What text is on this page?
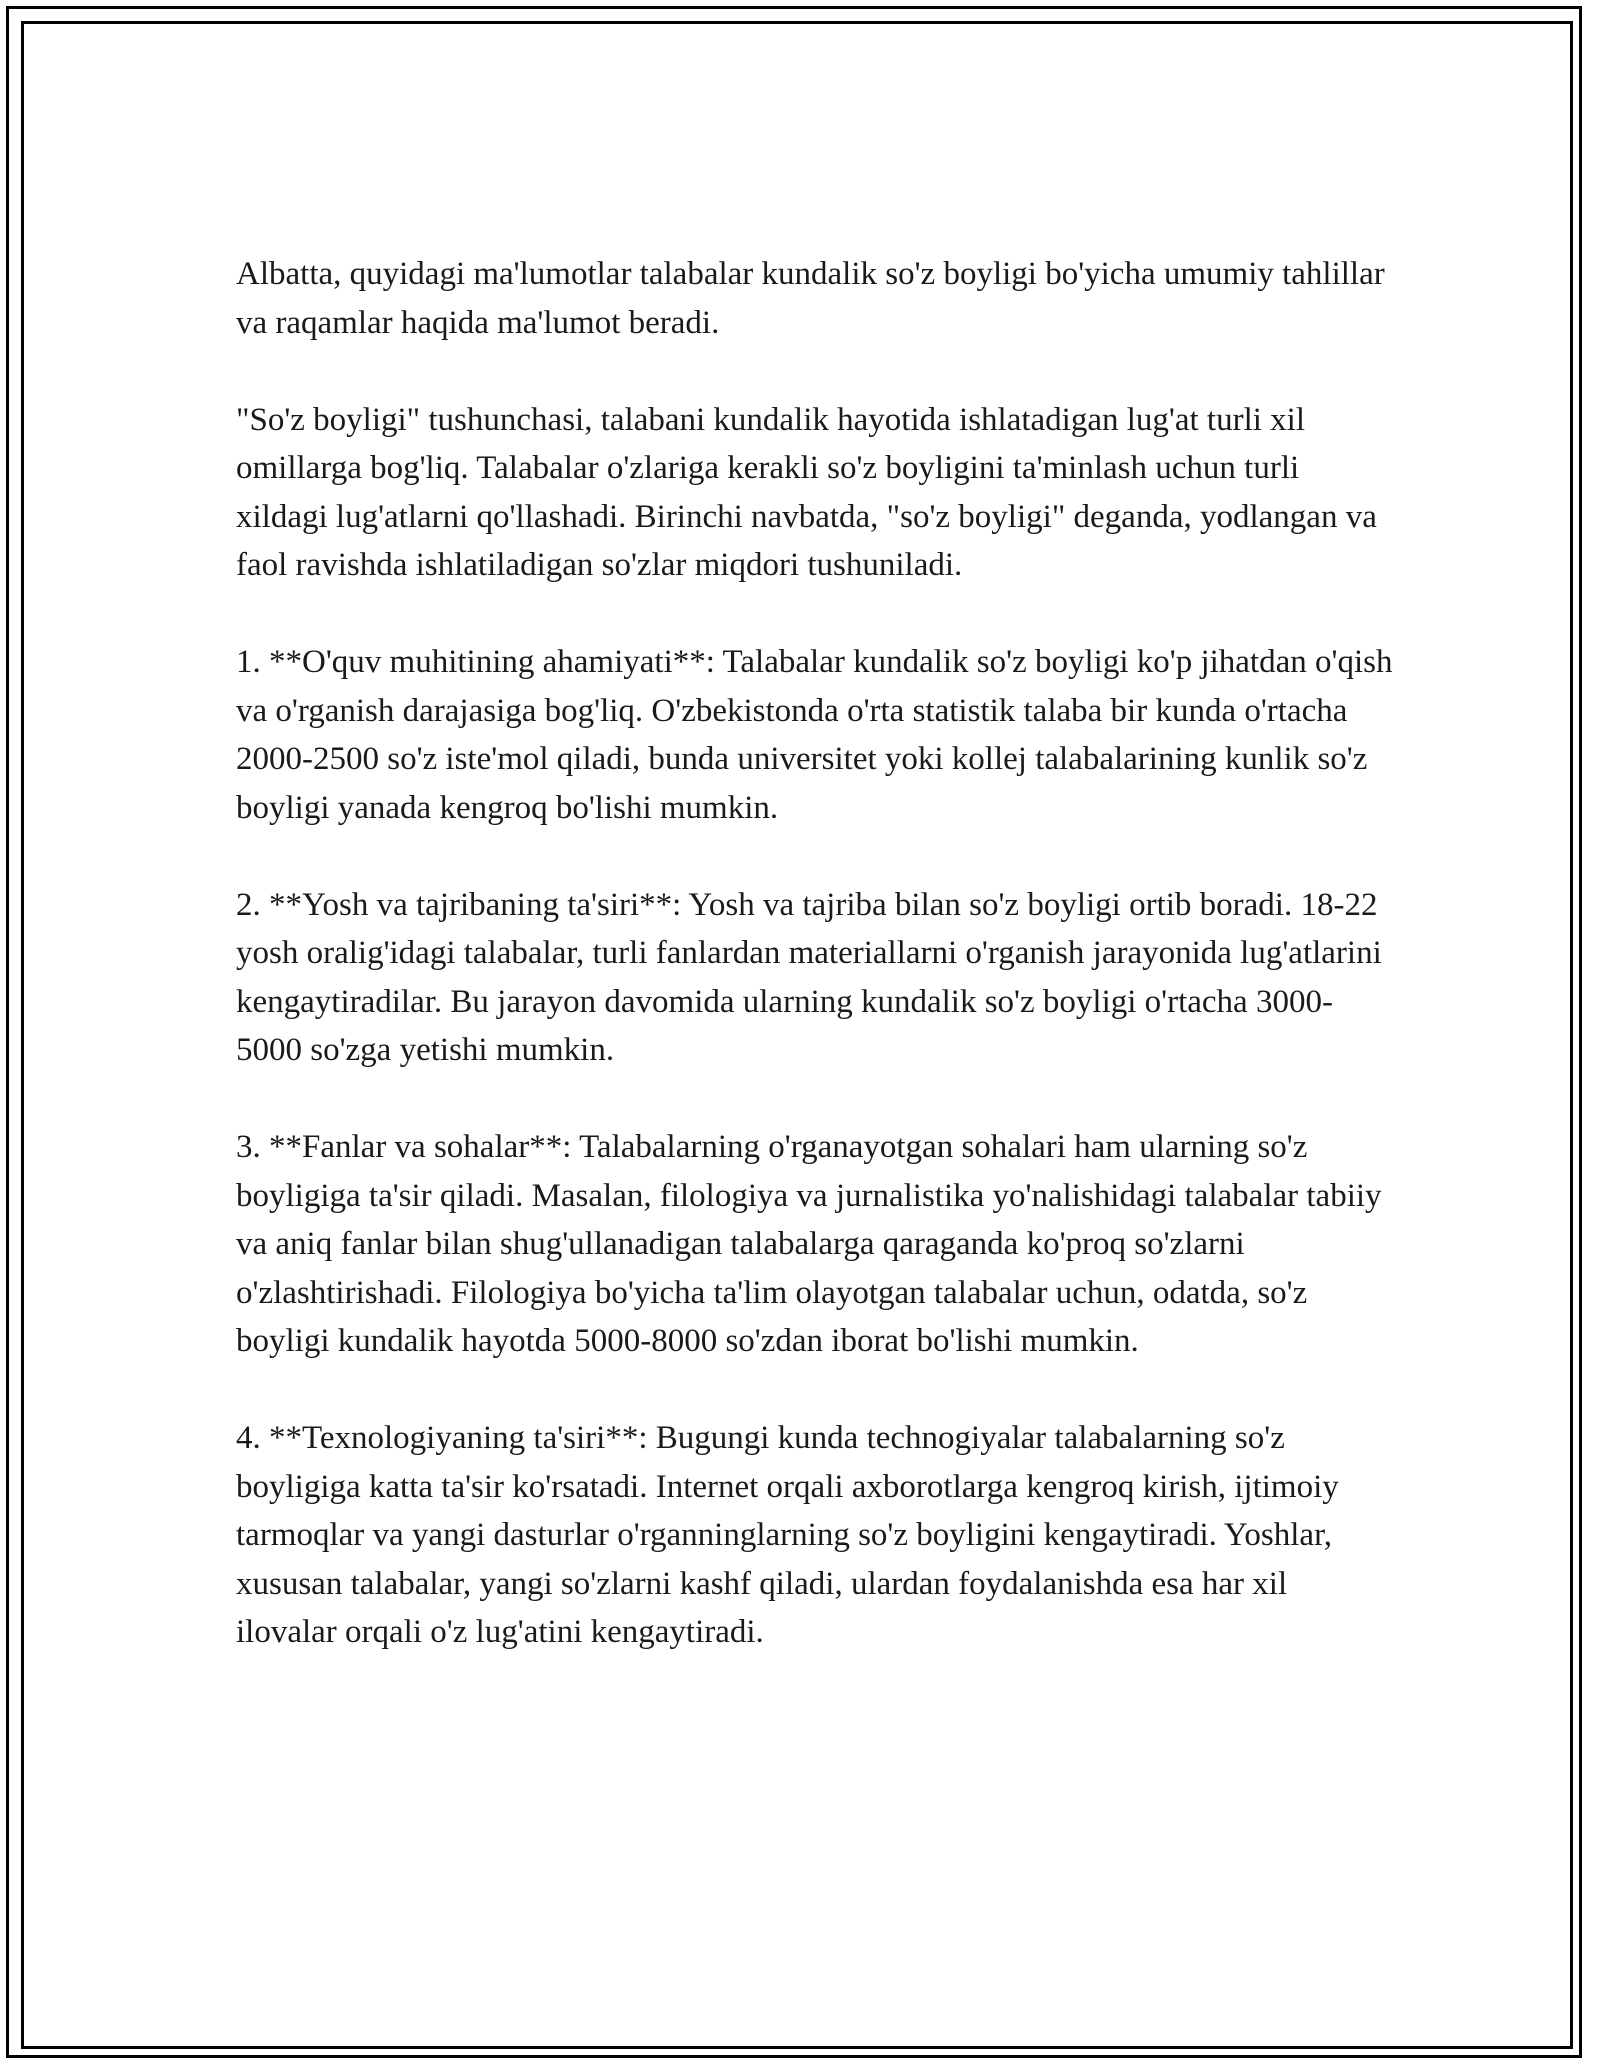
Albatta, quyidagi ma'lumotlar talabalar kundalik so'z boyligi bo'yicha umumiy tahlillar va raqamlar haqida ma'lumot beradi.

"So'z boyligi" tushunchasi, talabani kundalik hayotida ishlatadigan lug'at turli xil omillarga bog'liq. Talabalar o'zlariga kerakli so'z boyligini ta'minlash uchun turli xildagi lug'atlarni qo'llashadi. Birinchi navbatda, "so'z boyligi" deganda, yodlangan va faol ravishda ishlatiladigan so'zlar miqdori tushuniladi.

1. **O'quv muhitining ahamiyati**: Talabalar kundalik so'z boyligi ko'p jihatdan o'qish va o'rganish darajasiga bog'liq. O'zbekistonda o'rta statistik talaba bir kunda o'rtacha 2000-2500 so'z iste'mol qiladi, bunda universitet yoki kollej talabalarining kunlik so'z boyligi yanada kengroq bo'lishi mumkin.

2. **Yosh va tajribaning ta'siri**: Yosh va tajriba bilan so'z boyligi ortib boradi. 18-22 yosh oralig'idagi talabalar, turli fanlardan materiallarni o'rganish jarayonida lug'atlarini kengaytiradilar. Bu jarayon davomida ularning kundalik so'z boyligi o'rtacha 3000-5000 so'zga yetishi mumkin.

3. **Fanlar va sohalar**: Talabalarning o'rganayotgan sohalari ham ularning so'z boyligiga ta'sir qiladi. Masalan, filologiya va jurnalistika yo'nalishidagi talabalar tabiiy va aniq fanlar bilan shug'ullanadigan talabalarga qaraganda ko'proq so'zlarni o'zlashtirishadi. Filologiya bo'yicha ta'lim olayotgan talabalar uchun, odatda, so'z boyligi kundalik hayotda 5000-8000 so'zdan iborat bo'lishi mumkin.

4. **Texnologiyaning ta'siri**: Bugungi kunda technogiyalar talabalarning so'z boyligiga katta ta'sir ko'rsatadi. Internet orqali axborotlarga kengroq kirish, ijtimoiy tarmoqlar va yangi dasturlar o'rganninglarning so'z boyligini kengaytiradi. Yoshlar, xususan talabalar, yangi so'zlarni kashf qiladi, ulardan foydalanishda esa har xil ilovalar orqali o'z lug'atini kengaytiradi.
